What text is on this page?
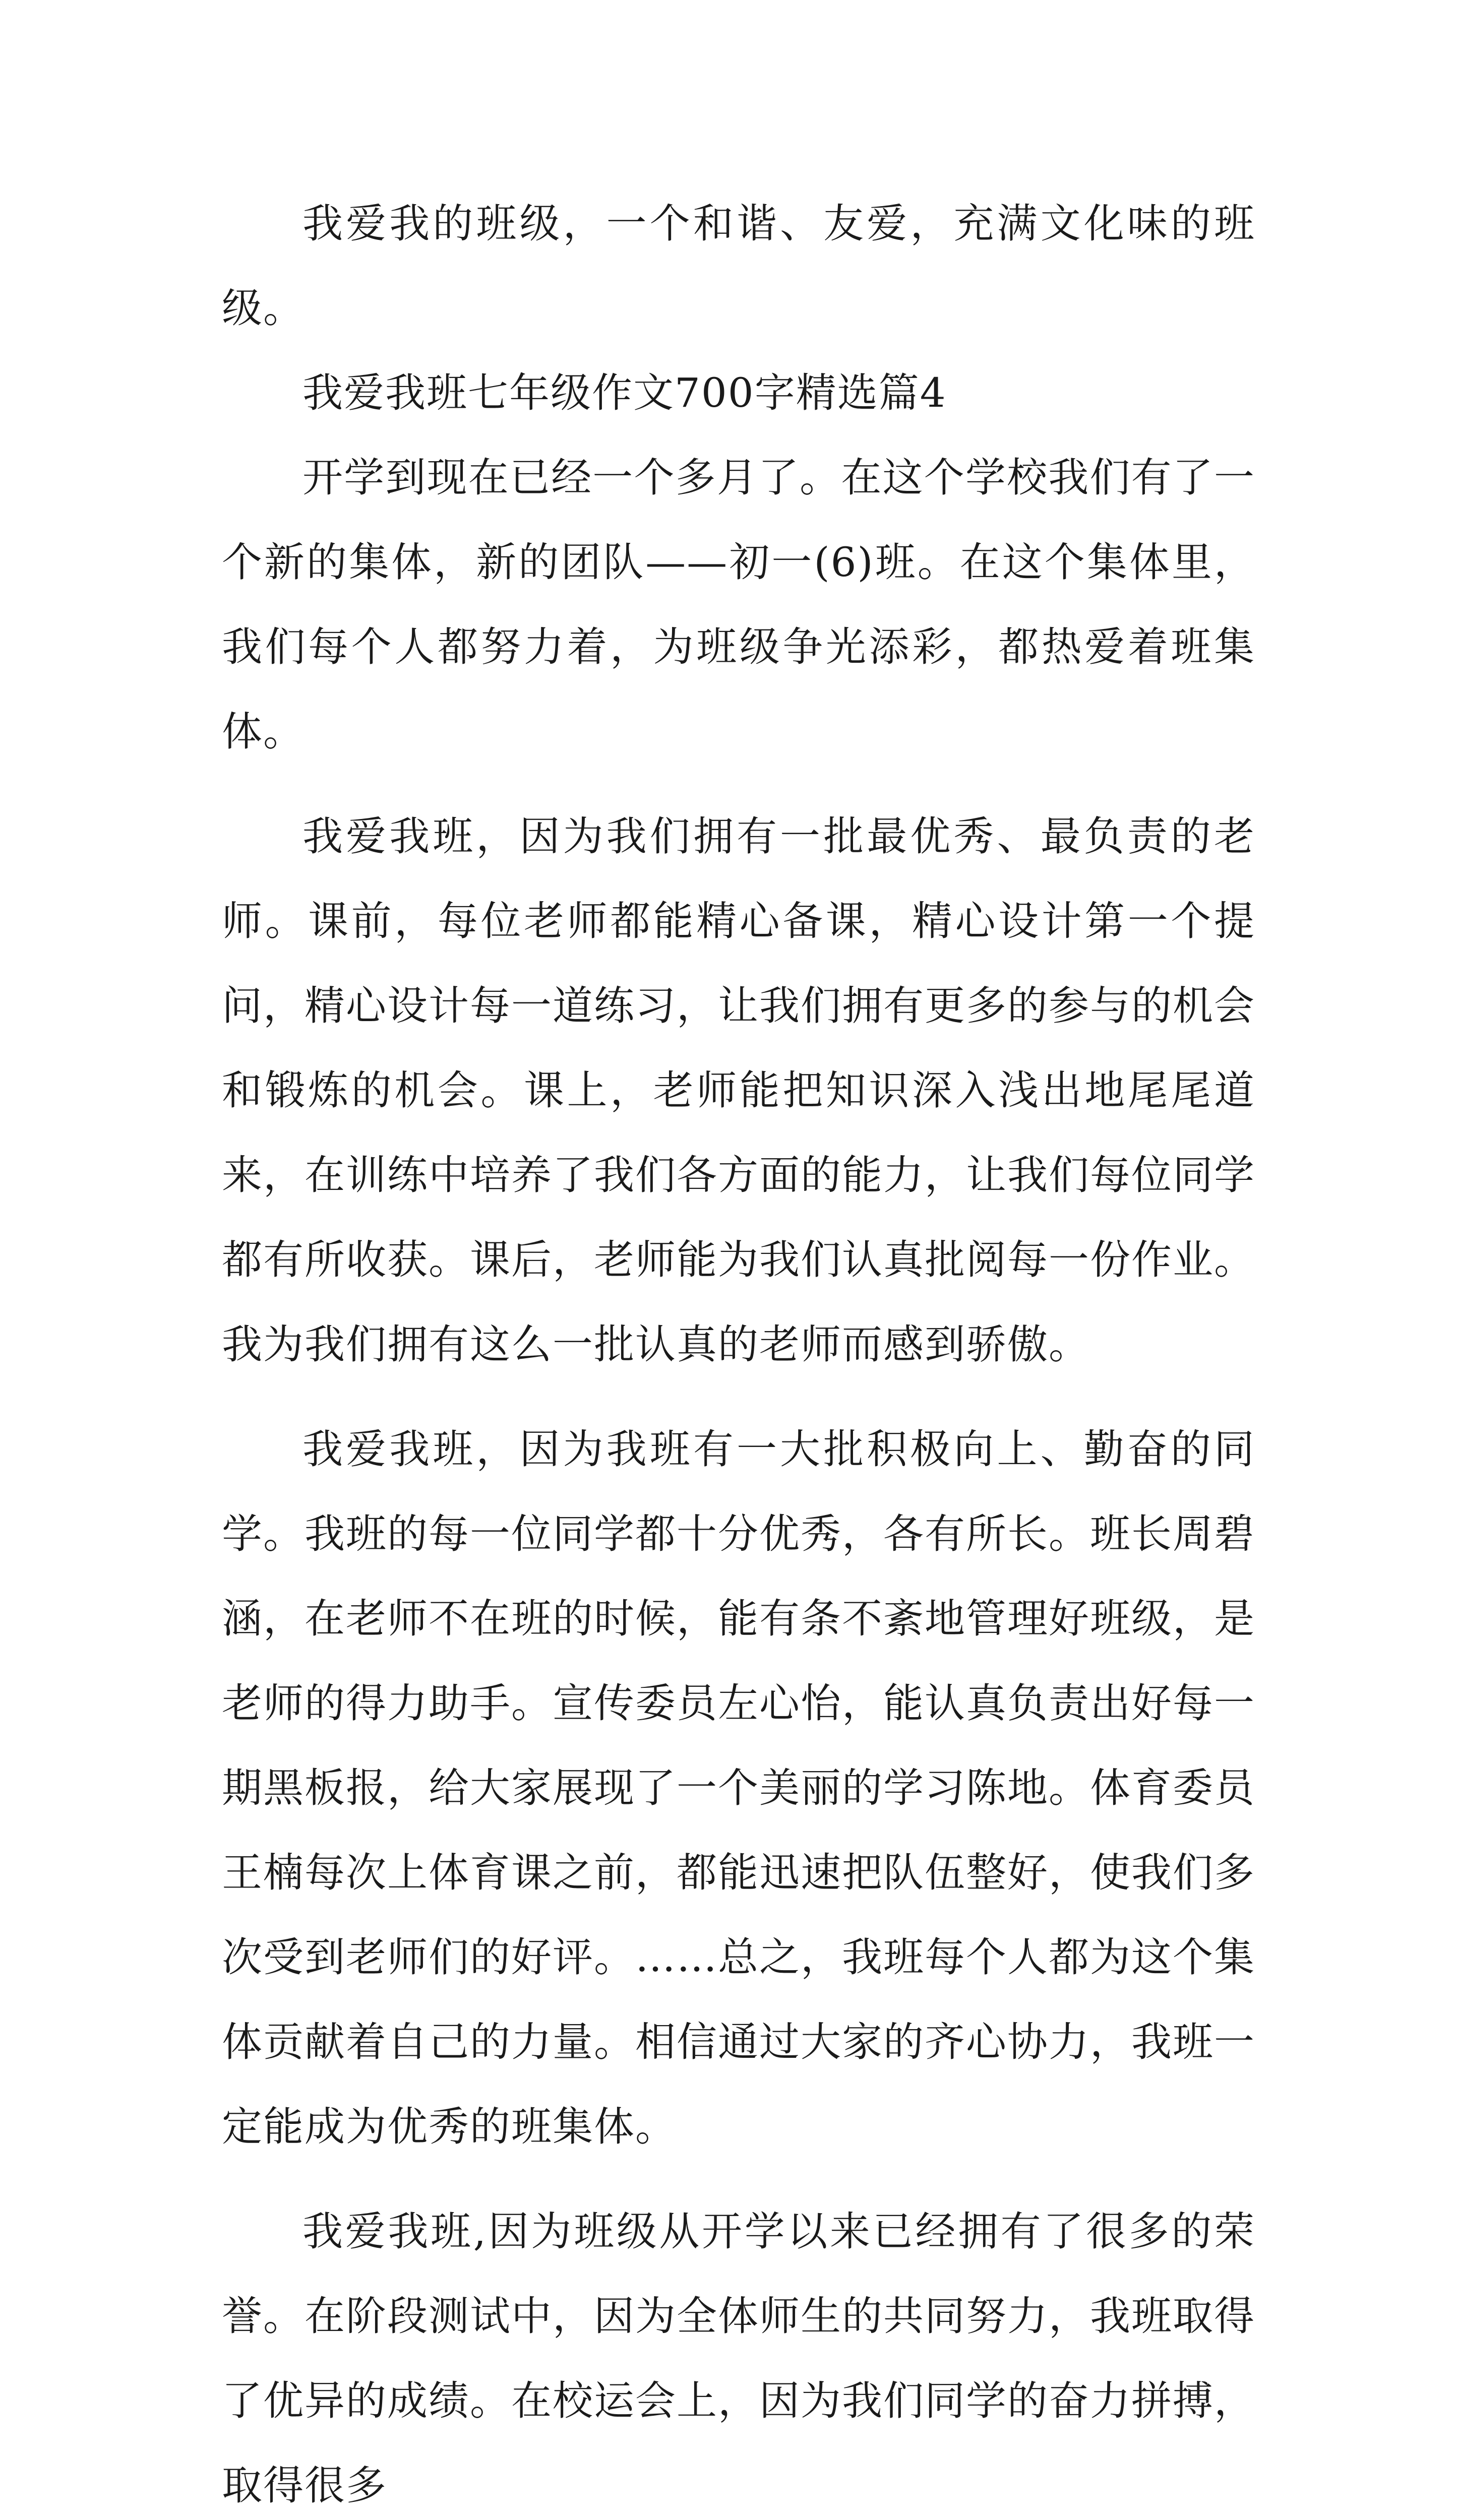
我爱我的班级，一个和谐、友爱，充满文化味的班级。

我爱我班七年级作文700字精选篇4

开学到现在已经一个多月了。在这个学校我们有了一个新的集体，新的团队——初一(6)班。在这个集体里，我们每个人都努力着，为班级争光添彩，都热爱着班集体。

我爱我班，因为我们拥有一批最优秀、最负责的老师。课前，每位老师都能精心备课，精心设计第一个提问，精心设计每一道练习，让我们拥有更多的参与的机会和锻炼的机会。课上，老师能把知识深入浅出地尾尾道来，在训练中培养了我们各方面的能力，让我们每位同学都有所收获。课后，老师能为我们认真批阅每一份作业。我为我们拥有这么一批认真的老师而感到骄傲。

我爱我班，因为我班有一大批积极向上、勤奋的同学。我班的每一位同学都十分优秀，各有所长。班长周碧涵，在老师不在班的时候，能有条不紊地管理好班级，是老师的得力助手。宣传委员左心怡，能认真负责出好每一期黑板报，给大家展现了一个美丽的学习陈地。体育委员王楠每次上体育课之前，都能迅速把队伍整好，使我们多次受到老师们的好评。……总之，我班每个人都为这个集体贡献着自己的力量。相信通过大家的齐心协力，我班一定能成为优秀的班集体。

我爱我班,因为班级从开学以来已经拥有了很多的荣誉。在阶段测试中，因为全体师生的共同努力，我班取得了优异的成绩。在校运会上，因为我们同学的奋力拼搏，取得很多
